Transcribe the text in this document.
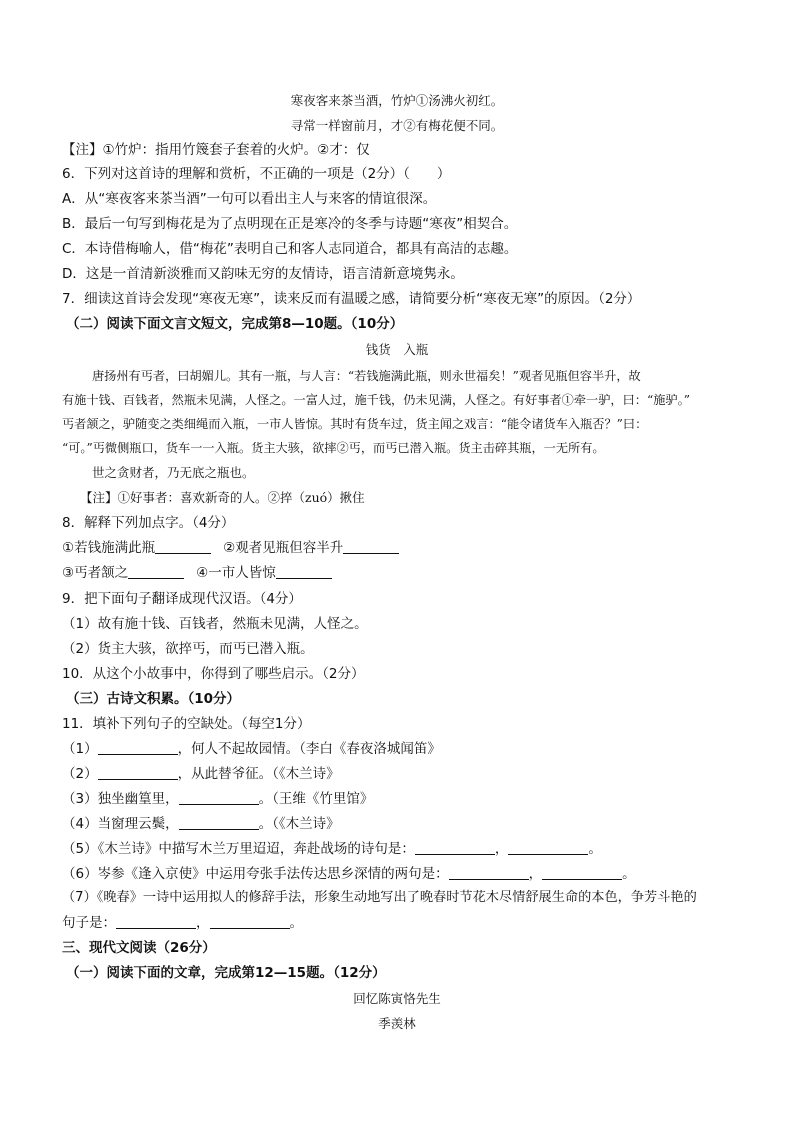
寒夜客来茶当酒，竹炉①汤沸火初红。
寻常一样窗前月，才②有梅花便不同。
【注】①竹炉：指用竹篾套子套着的火炉。②才：仅
6．下列对这首诗的理解和赏析，不正确的一项是（2分）（　　）
A．从“寒夜客来茶当酒”一句可以看出主人与来客的情谊很深。
B．最后一句写到梅花是为了点明现在正是寒冷的冬季与诗题“寒夜”相契合。
C．本诗借梅喻人，借“梅花”表明自己和客人志同道合，都具有高洁的志趣。
D．这是一首清新淡雅而又韵味无穷的友情诗，语言清新意境隽永。
7．细读这首诗会发现“寒夜无寒”，读来反而有温暖之感，请简要分析“寒夜无寒”的原因。（2分）
（二）阅读下面文言文短文，完成第8—10题。（10分）
钱货　入瓶
唐扬州有丐者，曰胡媚儿。其有一瓶，与人言：“若钱施满此瓶，则永世福矣！”观者见瓶但容半升，故
有施十钱、百钱者，然瓶未见满，人怪之。一富人过，施千钱，仍未见满，人怪之。有好事者①牵一驴，曰：“施驴。”
丐者颔之，驴随变之类细绳而入瓶，一市人皆惊。其时有货车过，货主闻之戏言：“能令诸货车入瓶否？”曰：
“可。”丐微侧瓶口，货车一一入瓶。货主大骇，欲摔②丐，而丐已潜入瓶。货主击碎其瓶，一无所有。
世之贪财者，乃无底之瓶也。
【注】①好事者：喜欢新奇的人。②捽（zuó）揪住
8．解释下列加点字。（4分）
①若钱施满此瓶	②观者见瓶但容半升
③丐者颔之	④一市人皆惊
9．把下面句子翻译成现代汉语。（4分）
（1）故有施十钱、百钱者，然瓶未见满，人怪之。
（2）货主大骇，欲捽丐，而丐已潜入瓶。
10．从这个小故事中，你得到了哪些启示。（2分）
（三）古诗文积累。（10分）
11．填补下列句子的空缺处。（每空1分）
（1）	，何人不起故园情。（李白《春夜洛城闻笛》
（2）	，从此替爷征。（《木兰诗》
（3）独坐幽篁里，	。（王维《竹里馆》
（4）当窗理云鬓，	。（《木兰诗》
（5）《木兰诗》中描写木兰万里迢迢，奔赴战场的诗句是：	，	。
（6）岑参《逢入京使》中运用夸张手法传达思乡深情的两句是：	，	。
（7）《晚春》一诗中运用拟人的修辞手法，形象生动地写出了晚春时节花木尽情舒展生命的本色，争芳斗艳的
句子是：	，	。
三、现代文阅读（26分）
（一）阅读下面的文章，完成第12—15题。（12分）
回忆陈寅恪先生
季羡林
